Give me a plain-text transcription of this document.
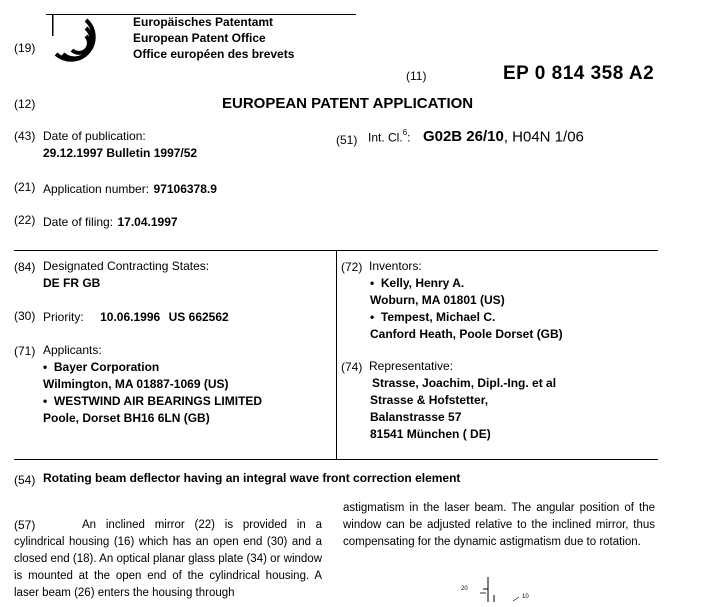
(19)
Europäisches Patentamt
European Patent Office
Office européen des brevets
(11)	EP 0 814 358 A2
(12)	EUROPEAN PATENT APPLICATION
(43) Date of publication:
29.12.1997 Bulletin 1997/52
(51) Int. Cl.$^6$: G02B 26/10, H04N 1/06
(21) Application number: 97106378.9
(22) Date of filing: 17.04.1997
(84) Designated Contracting States:
DE FR GB
(30) Priority: 10.06.1996 US 662562
(71) Applicants:
•  Bayer Corporation
Wilmington, MA 01887-1069 (US)
•  WESTWIND AIR BEARINGS LIMITED
Poole, Dorset BH16 6LN (GB)
(72) Inventors:
•  Kelly, Henry A.
Woburn, MA 01801 (US)
•  Tempest, Michael C.
Canford Heath, Poole Dorset (GB)
(74) Representative:
Strasse, Joachim, Dipl.-Ing. et al
Strasse & Hofstetter,
Balanstrasse 57
81541 München ( DE)
(54) Rotating beam deflector having an integral wave front correction element
(57)	An inclined mirror (22) is provided in a cylindrical housing (16) which has an open end (30) and a closed end (18). An optical planar glass plate (34) or window is mounted at the open end of the cylindrical housing. A laser beam (26) enters the housing through
astigmatism in the laser beam. The angular position of the window can be adjusted relative to the inclined mirror, thus compensating for the dynamic astigmatism due to rotation.
20
10
